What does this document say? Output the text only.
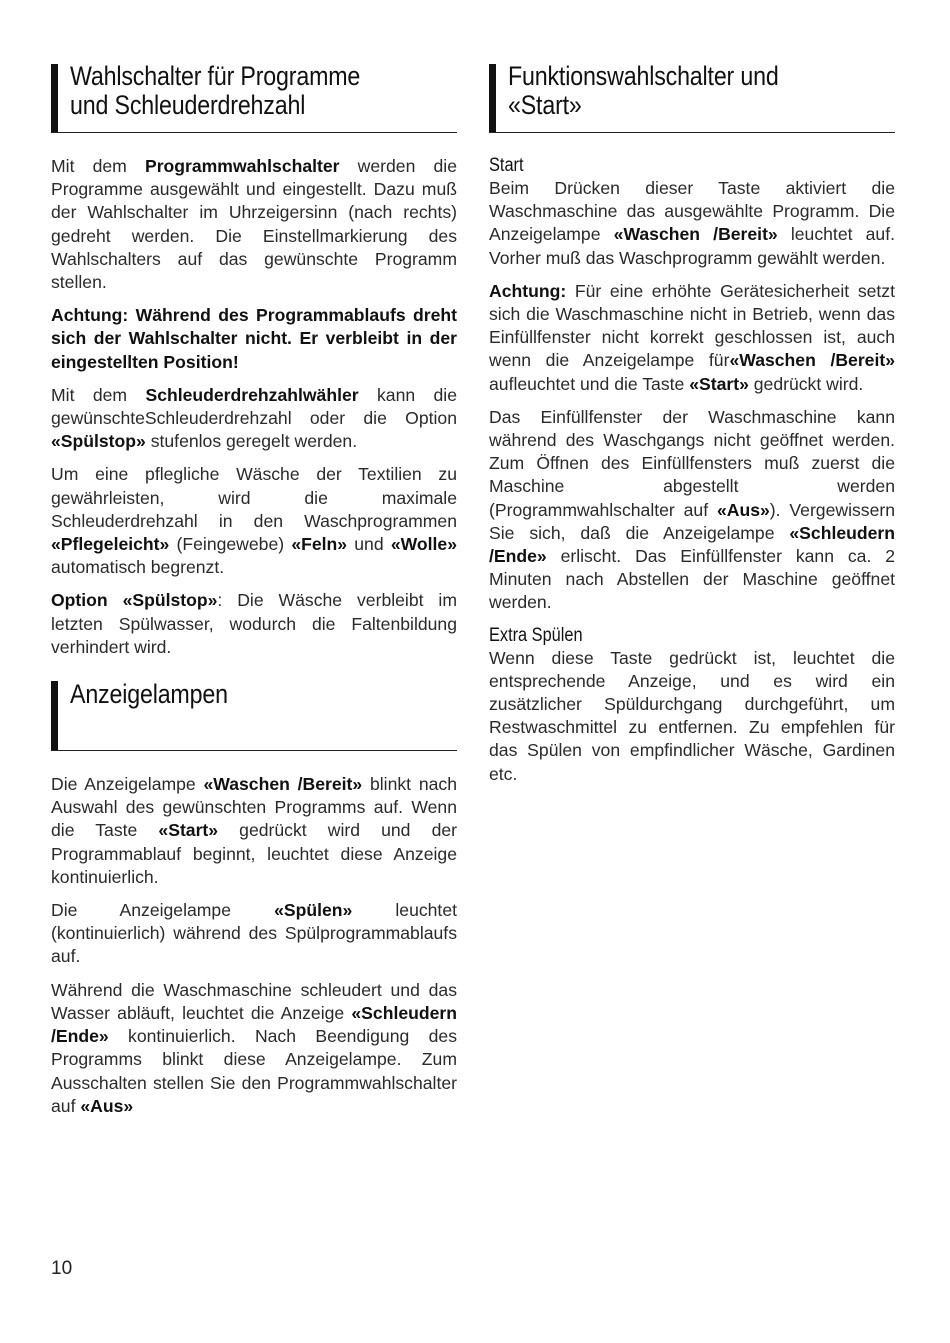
Wahlschalter für Programme und Schleuderdrehzahl

Mit dem Programmwahlschalter werden die Programme ausgewählt und eingestellt. Dazu muß der Wahlschalter im Uhrzeigersinn (nach rechts) gedreht werden. Die Einstellmarkierung des Wahlschalters auf das gewünschte Programm stellen.

Achtung: Während des Programmablaufs dreht sich der Wahlschalter nicht. Er verbleibt in der eingestellten Position!

Mit dem Schleuderdrehzahlwähler kann die gewünschteSchleuderdrehzahl oder die Option «Spülstop» stufenlos geregelt werden.

Um eine pflegliche Wäsche der Textilien zu gewährleisten, wird die maximale Schleuderdrehzahl in den Waschprogrammen «Pflegeleicht» (Feingewebe) «Feln» und «Wolle» automatisch begrenzt.

Option «Spülstop»: Die Wäsche verbleibt im letzten Spülwasser, wodurch die Faltenbildung verhindert wird.

Anzeigelampen

Die Anzeigelampe «Waschen /Bereit» blinkt nach Auswahl des gewünschten Programms auf. Wenn die Taste «Start» gedrückt wird und der Programmablauf beginnt, leuchtet diese Anzeige kontinuierlich.

Die Anzeigelampe «Spülen» leuchtet (kontinuierlich) während des Spülprogrammablaufs auf.

Während die Waschmaschine schleudert und das Wasser abläuft, leuchtet die Anzeige «Schleudern /Ende» kontinuierlich. Nach Beendigung des Programms blinkt diese Anzeigelampe. Zum Ausschalten stellen Sie den Programmwahlschalter auf «Aus»

Funktionswahlschalter und «Start»
Start

Beim Drücken dieser Taste aktiviert die Waschmaschine das ausgewählte Programm. Die Anzeigelampe «Waschen /Bereit» leuchtet auf. Vorher muß das Waschprogramm gewählt werden.

Achtung: Für eine erhöhte Gerätesicherheit setzt sich die Waschmaschine nicht in Betrieb, wenn das Einfüllfenster nicht korrekt geschlossen ist, auch wenn die Anzeigelampe für«Waschen /Bereit» aufleuchtet und die Taste «Start» gedrückt wird.

Das Einfüllfenster der Waschmaschine kann während des Waschgangs nicht geöffnet werden. Zum Öffnen des Einfüllfensters muß zuerst die Maschine abgestellt werden (Programmwahlschalter auf «Aus»). Vergewissern Sie sich, daß die Anzeigelampe «Schleudern /Ende» erlischt. Das Einfüllfenster kann ca. 2 Minuten nach Abstellen der Maschine geöffnet werden.

Extra Spülen

Wenn diese Taste gedrückt ist, leuchtet die entsprechende Anzeige, und es wird ein zusätzlicher Spüldurchgang durchgeführt, um Restwaschmittel zu entfernen. Zu empfehlen für das Spülen von empfindlicher Wäsche, Gardinen etc.

10
